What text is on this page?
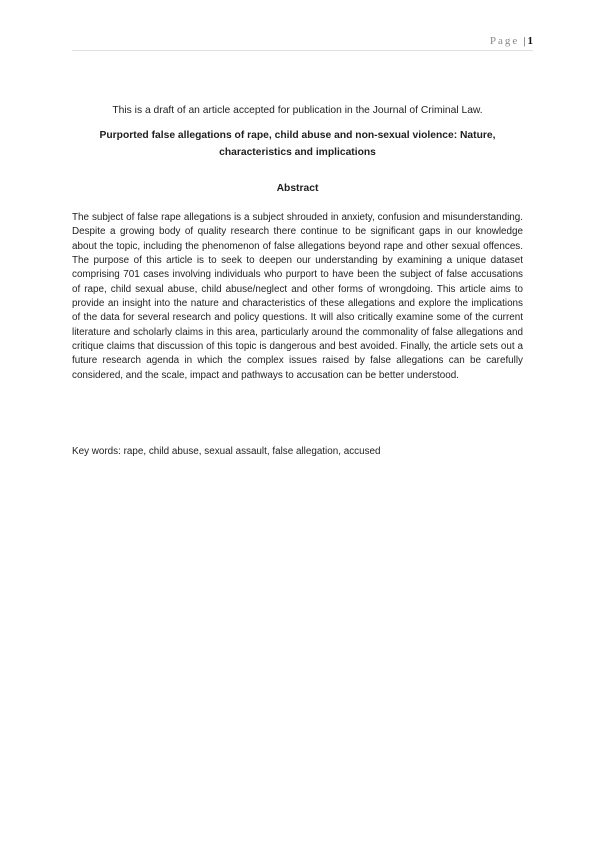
Page | 1
This is a draft of an article accepted for publication in the Journal of Criminal Law.
Purported false allegations of rape, child abuse and non-sexual violence: Nature, characteristics and implications
Abstract
The subject of false rape allegations is a subject shrouded in anxiety, confusion and misunderstanding. Despite a growing body of quality research there continue to be significant gaps in our knowledge about the topic, including the phenomenon of false allegations beyond rape and other sexual offences. The purpose of this article is to seek to deepen our understanding by examining a unique dataset comprising 701 cases involving individuals who purport to have been the subject of false accusations of rape, child sexual abuse, child abuse/neglect and other forms of wrongdoing. This article aims to provide an insight into the nature and characteristics of these allegations and explore the implications of the data for several research and policy questions. It will also critically examine some of the current literature and scholarly claims in this area, particularly around the commonality of false allegations and critique claims that discussion of this topic is dangerous and best avoided. Finally, the article sets out a future research agenda in which the complex issues raised by false allegations can be carefully considered, and the scale, impact and pathways to accusation can be better understood.
Key words: rape, child abuse, sexual assault, false allegation, accused
